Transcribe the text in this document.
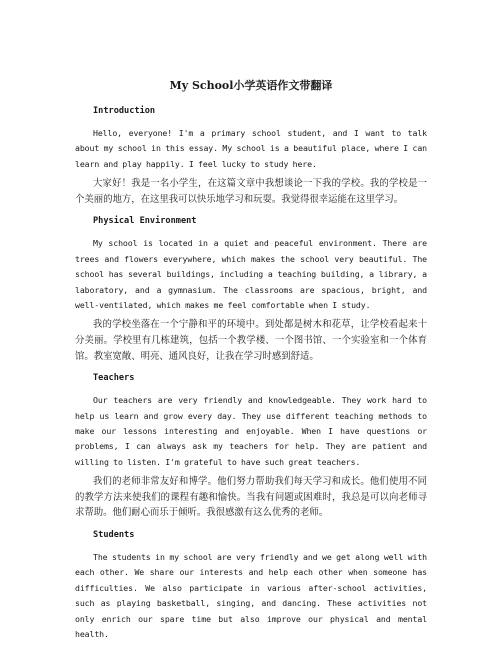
My School小学英语作文带翻译
Introduction

Hello, everyone! I'm a primary school student, and I want to talk about my school in this essay. My school is a beautiful place, where I can learn and play happily. I feel lucky to study here.

大家好！我是一名小学生，在这篇文章中我想谈论一下我的学校。我的学校是一个美丽的地方，在这里我可以快乐地学习和玩耍。我觉得很幸运能在这里学习。

Physical Environment

My school is located in a quiet and peaceful environment. There are trees and flowers everywhere, which makes the school very beautiful. The school has several buildings, including a teaching building, a library, a laboratory, and a gymnasium. The classrooms are spacious, bright, and well-ventilated, which makes me feel comfortable when I study.

我的学校坐落在一个宁静和平的环境中。到处都是树木和花草，让学校看起来十分美丽。学校里有几栋建筑，包括一个教学楼、一个图书馆、一个实验室和一个体育馆。教室宽敞、明亮、通风良好，让我在学习时感到舒适。

Teachers

Our teachers are very friendly and knowledgeable. They work hard to help us learn and grow every day. They use different teaching methods to make our lessons interesting and enjoyable. When I have questions or problems, I can always ask my teachers for help. They are patient and willing to listen. I'm grateful to have such great teachers.

我们的老师非常友好和博学。他们努力帮助我们每天学习和成长。他们使用不同的教学方法来使我们的课程有趣和愉快。当我有问题或困难时，我总是可以向老师寻求帮助。他们耐心而乐于倾听。我很感激有这么优秀的老师。

Students

The students in my school are very friendly and we get along well with each other. We share our interests and help each other when someone has difficulties. We also participate in various after-school activities, such as playing basketball, singing, and dancing. These activities not only enrich our spare time but also improve our physical and mental health.
